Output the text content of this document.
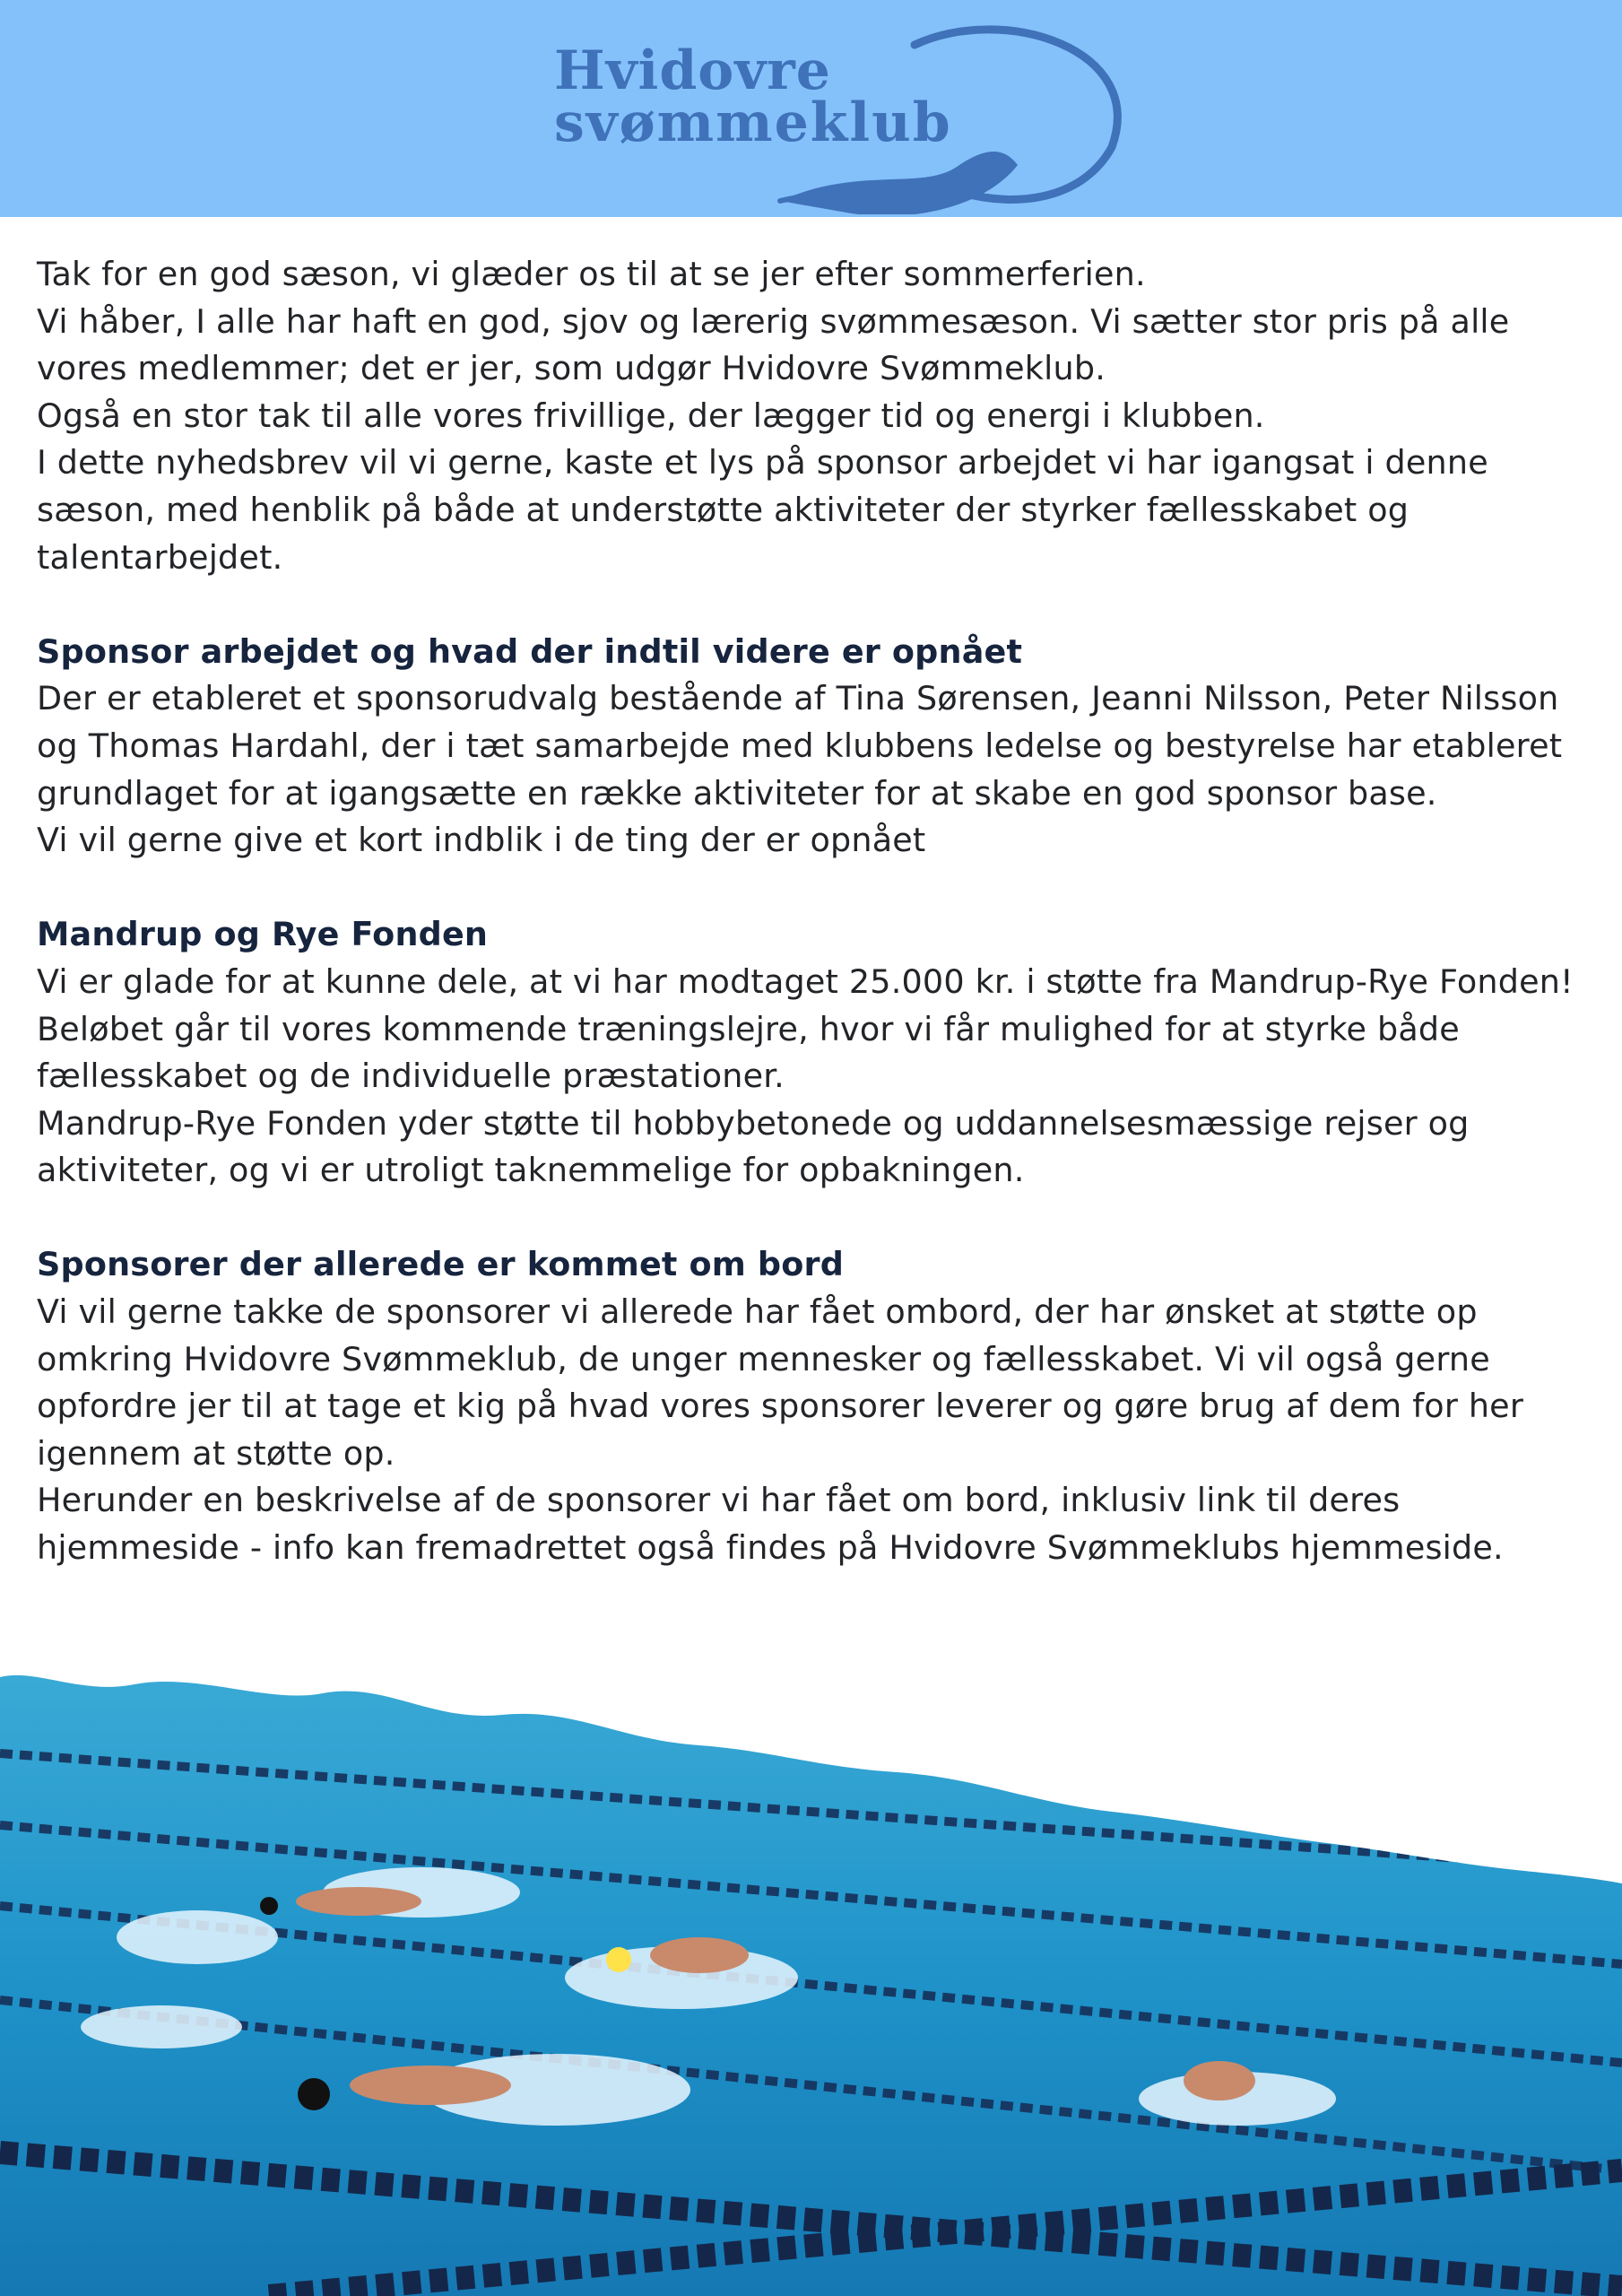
Hvidovre
svømmeklub

Tak for en god sæson, vi glæder os til at se jer efter sommerferien.

Vi håber, I alle har haft en god, sjov og lærerig svømmesæson. Vi sætter stor pris på alle vores medlemmer; det er jer, som udgør Hvidovre Svømmeklub.

Også en stor tak til alle vores frivillige, der lægger tid og energi i klubben.

I dette nyhedsbrev vil vi gerne, kaste et lys på sponsor arbejdet vi har igangsat i denne sæson, med henblik på både at understøtte aktiviteter der styrker fællesskabet og talentarbejdet.

Sponsor arbejdet og hvad der indtil videre er opnået

Der er etableret et sponsorudvalg bestående af Tina Sørensen, Jeanni Nilsson, Peter Nilsson og Thomas Hardahl, der i tæt samarbejde med klubbens ledelse og bestyrelse har etableret grundlaget for at igangsætte en række aktiviteter for at skabe en god sponsor base.

Vi vil gerne give et kort indblik i de ting der er opnået

Mandrup og Rye Fonden

Vi er glade for at kunne dele, at vi har modtaget 25.000 kr. i støtte fra Mandrup-Rye Fonden! Beløbet går til vores kommende træningslejre, hvor vi får mulighed for at styrke både fællesskabet og de individuelle præstationer.

Mandrup-Rye Fonden yder støtte til hobbybetonede og uddannelsesmæssige rejser og aktiviteter, og vi er utroligt taknemmelige for opbakningen.

Sponsorer der allerede er kommet om bord

Vi vil gerne takke de sponsorer vi allerede har fået ombord, der har ønsket at støtte op omkring Hvidovre Svømmeklub, de unger mennesker og fællesskabet. Vi vil også gerne opfordre jer til at tage et kig på hvad vores sponsorer leverer og gøre brug af dem for her igennem at støtte op.

Herunder en beskrivelse af de sponsorer vi har fået om bord, inklusiv link til deres hjemmeside - info kan fremadrettet også findes på Hvidovre Svømmeklubs hjemmeside.
